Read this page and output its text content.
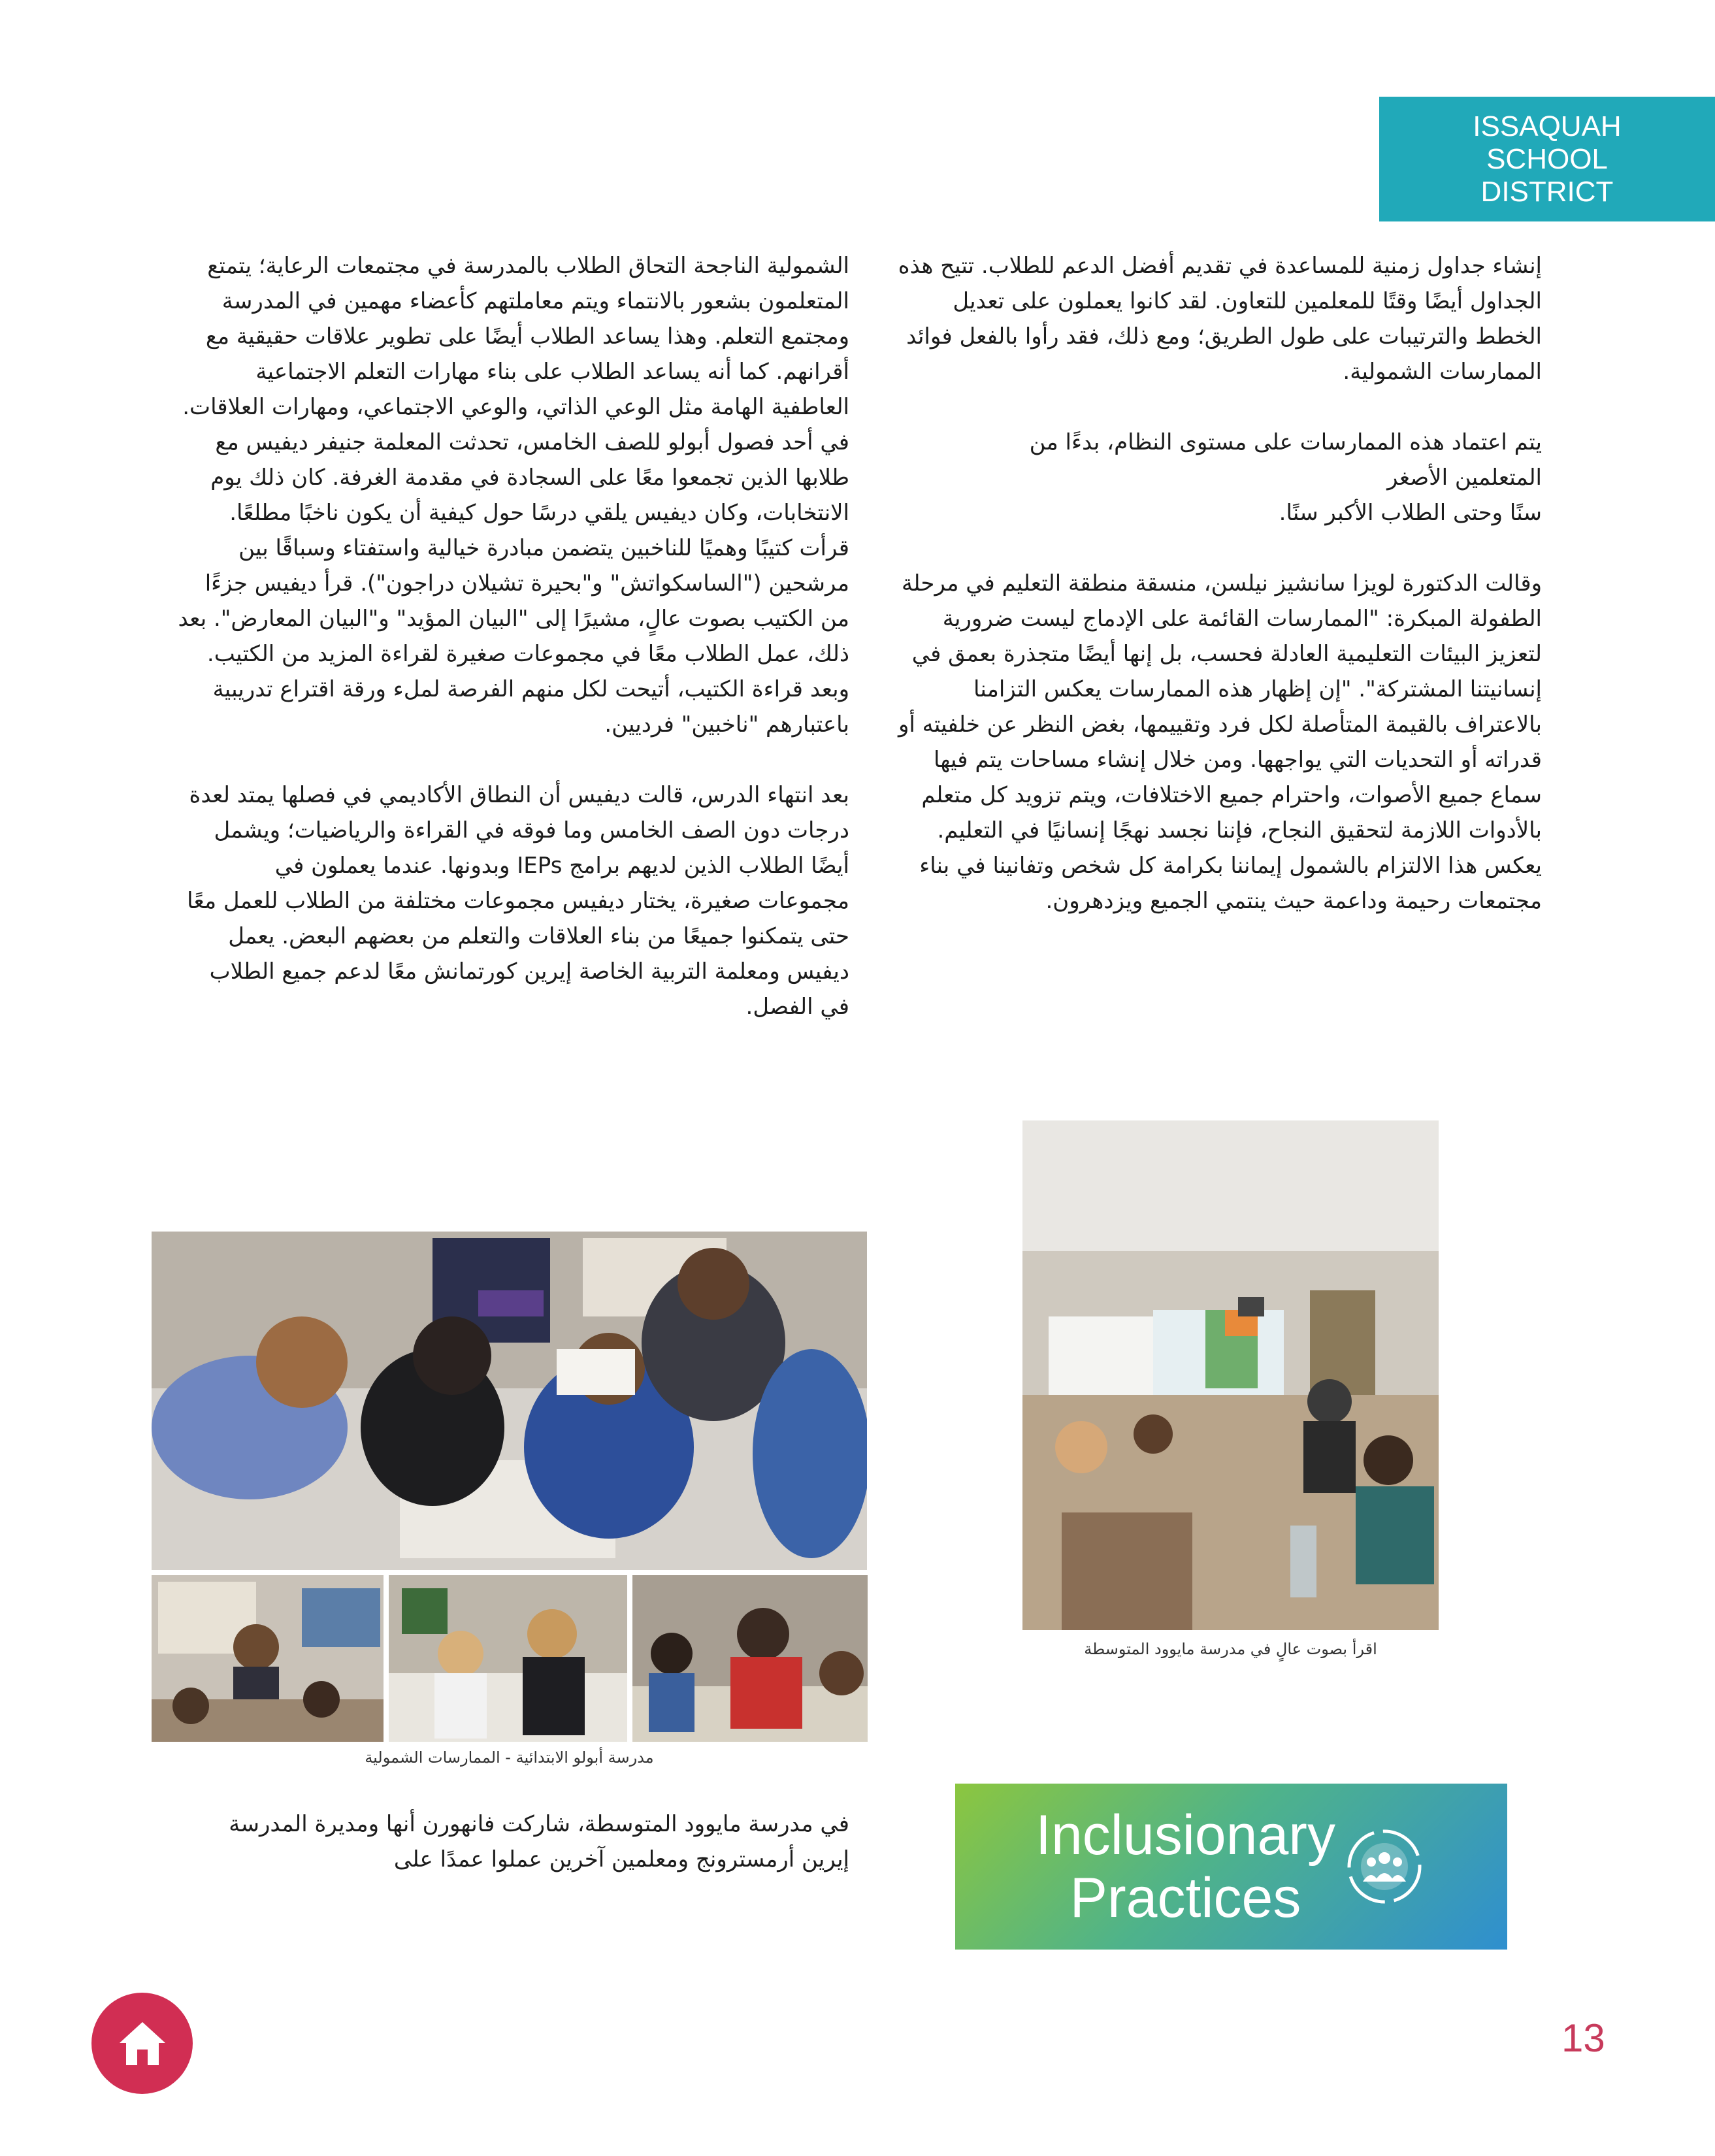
ISSAQUAH
SCHOOL
DISTRICT

إنشاء جداول زمنية للمساعدة في تقديم أفضل الدعم للطلاب. تتيح هذه الجداول أيضًا وقتًا للمعلمين للتعاون. لقد كانوا يعملون على تعديل الخطط والترتيبات على طول الطريق؛ ومع ذلك، فقد رأوا بالفعل فوائد الممارسات الشمولية.

يتم اعتماد هذه الممارسات على مستوى النظام، بدءًا من
المتعلمين الأصغر
سنًا وحتى الطلاب الأكبر سنًا.

وقالت الدكتورة لويزا سانشيز نيلسن، منسقة منطقة التعليم في مرحلة الطفولة المبكرة: "الممارسات القائمة على الإدماج ليست ضرورية لتعزيز البيئات التعليمية العادلة فحسب، بل إنها أيضًا متجذرة بعمق في إنسانيتنا المشتركة". "إن إظهار هذه الممارسات يعكس التزامنا بالاعتراف بالقيمة المتأصلة لكل فرد وتقييمها، بغض النظر عن خلفيته أو قدراته أو التحديات التي يواجهها. ومن خلال إنشاء مساحات يتم فيها سماع جميع الأصوات، واحترام جميع الاختلافات، ويتم تزويد كل متعلم بالأدوات اللازمة لتحقيق النجاح، فإننا نجسد نهجًا إنسانيًا في التعليم. يعكس هذا الالتزام بالشمول إيماننا بكرامة كل شخص وتفانينا في بناء مجتمعات رحيمة وداعمة حيث ينتمي الجميع ويزدهرون.

الشمولية الناجحة التحاق الطلاب بالمدرسة في مجتمعات الرعاية؛ يتمتع المتعلمون بشعور بالانتماء ويتم معاملتهم كأعضاء مهمين في المدرسة ومجتمع التعلم. وهذا يساعد الطلاب أيضًا على تطوير علاقات حقيقية مع أقرانهم. كما أنه يساعد الطلاب على بناء مهارات التعلم الاجتماعية العاطفية الهامة مثل الوعي الذاتي، والوعي الاجتماعي، ومهارات العلاقات. في أحد فصول أبولو للصف الخامس، تحدثت المعلمة جنيفر ديفيس مع طلابها الذين تجمعوا معًا على السجادة في مقدمة الغرفة. كان ذلك يوم الانتخابات، وكان ديفيس يلقي درسًا حول كيفية أن يكون ناخبًا مطلعًا. قرأت كتيبًا وهميًا للناخبين يتضمن مبادرة خيالية واستفتاء وسباقًا بين مرشحين ("الساسكواتش" و"بحيرة تشيلان دراجون"). قرأ ديفيس جزءًا من الكتيب بصوت عالٍ، مشيرًا إلى "البيان المؤيد" و"البيان المعارض". بعد ذلك، عمل الطلاب معًا في مجموعات صغيرة لقراءة المزيد من الكتيب. وبعد قراءة الكتيب، أتيحت لكل منهم الفرصة لملء ورقة اقتراع تدريبية باعتبارهم "ناخبين" فرديين.

بعد انتهاء الدرس، قالت ديفيس أن النطاق الأكاديمي في فصلها يمتد لعدة درجات دون الصف الخامس وما فوقه في القراءة والرياضيات؛ ويشمل أيضًا الطلاب الذين لديهم برامج IEPs وبدونها. عندما يعملون في مجموعات صغيرة، يختار ديفيس مجموعات مختلفة من الطلاب للعمل معًا حتى يتمكنوا جميعًا من بناء العلاقات والتعلم من بعضهم البعض. يعمل ديفيس ومعلمة التربية الخاصة إيرين كورتمانش معًا لدعم جميع الطلاب في الفصل.

في مدرسة مايوود المتوسطة، شاركت فانهورن أنها ومديرة المدرسة إيرين أرمسترونج ومعلمين آخرين عملوا عمدًا على

مدرسة أبولو الابتدائية - الممارسات الشمولية
اقرأ بصوت عالٍ في مدرسة مايوود المتوسطة
Inclusionary
Practices
13
